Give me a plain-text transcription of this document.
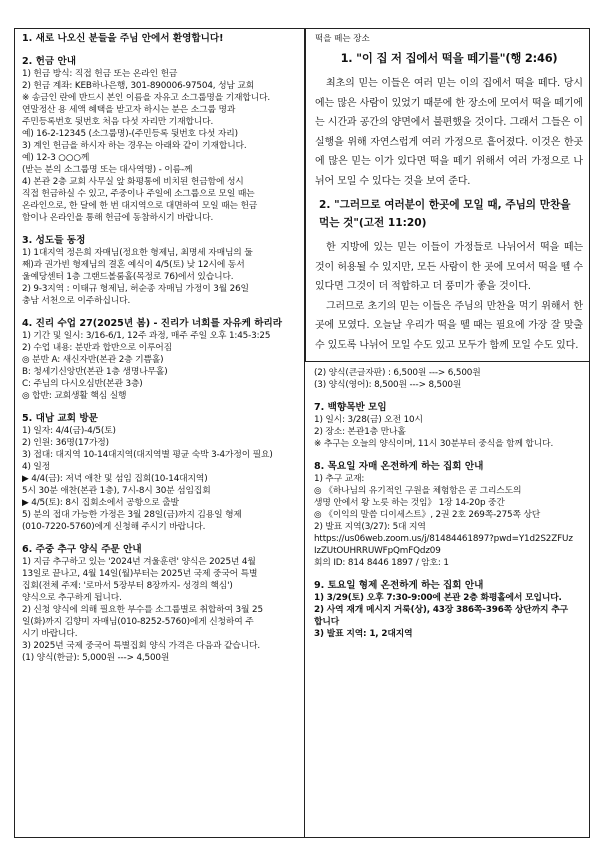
1. 새로 나오신 분들을 주님 안에서 환영합니다!
2. 헌금 안내
1) 헌금 방식: 직접 헌금 또는 온라인 헌금
2) 헌금 계좌: KEB하나은행, 301-890006-97504, 성남 교회
※ 송금인 란에 반드시 본인 이름을 자유고 소그룹명을 기재합니다.
연말정산 용 세액 혜택을 받고자 하시는 분은 소그룹 명과
주민등록번호 뒷번호 처음 다섯 자리만 기재합니다.
예) 16-2-12345 (소그룹명)-(주민등록 뒷번호 다섯 자리)
3) 계인 헌금을 하시자 하는 경우는 아래와 같이 기재합니다.
예) 12-3 ○○○께
(받는 분의 소그룹명 또는 대사역명) - 이름-께
4) 본관 2층 교회 사무실 앞 화평통에 비치된 헌금함에 성시
직접 헌금하실 수 있고, 주중이나 주일에 소그룹으로 모일 때는
온라인으로, 한 달에 한 번 대지역으로 대면하여 모일 때는 헌금
함이나 온라인을 통해 헌금에 동참하시기 바랍니다.
3. 성도들 동정
1) 1대지역 정은희 자매님(정요한 형제님, 최명세 자매님의 둘
째)과 권가빈 형제님의 결혼 예식이 4/5(토) 낮 12시에 동서
울예당센터 1층 그랜드볼룸홀(목정로 76)에서 있습니다.
2) 9-3지역 : 이태규 형제님, 허순종 자매님 가정이 3월 26일
충남 서천으로 이주하십니다.
4. 진리 수업 27(2025년 봄) - 진리가 너희를 자유케 하리라
1) 기간 및 일시: 3/16-6/1, 12주 과정, 매주 주일 오후 1:45-3:25
2) 수업 내용: 분반과 합반으로 이루어짐
◎ 분반 A: 새신자반(본관 2층 기쁨홀)
B: 청세기신앙반(본관 1층 생명나무홀)
C: 주님의 다시오심반(본관 3층)
◎ 합반: 교회생활 핵심 실행
5. 대남 교회 방문
1) 일자: 4/4(금)-4/5(토)
2) 인원: 36명(17가정)
3) 접대: 대지역 10-14대지역(대지역별 평균 숙박 3-4가정이 필요)
4) 일정
▶ 4/4(금): 저녁 애찬 및 섬임 집회(10-14대지역)
5시 30분 애찬(본관 1층), 7시-8시 30분 섬임집회
▶ 4/5(토): 8시 집회소에서 공항으로 출발
5) 분의 접대 가능한 가정은 3월 28일(금)까지 김용일 형제
(010-7220-5760)에게 신청해 주시기 바랍니다.
6. 주중 추구 양식 주문 안내
1) 지금 추구하고 있는 '2024년 겨울훈련' 양식은 2025년 4월
13일로 끝나고, 4월 14일(월)부터는 2025년 국제 중국어 특별
집회(전체 주제: '로마서 5장부터 8장까지- 성경의 핵심')
양식으로 추구하게 됩니다.
2) 신청 양식에 의해 필요한 부수를 소그룹별로 취합하여 3월 25
일(화)까지 김향미 자매님(010-8252-5760)에게 신청하여 주
시기 바랍니다.
3) 2025년 국제 중국어 특별집회 양식 가격은 다음과 같습니다.
(1) 양식(한글): 5,000원 ---> 4,500원
떡을 떼는 장소
1. "이 집 저 집에서 떡을 떼기를"(행 2:46)
최초의 믿는 이들은 여러 믿는 이의 집에서 떡을 떼다. 당시에는 많은 사람이 있었기 때문에 한 장소에 모여서 떡을 떼기에는 시간과 공간의 양면에서 불편했을 것이다. 그래서 그들은 이 실행을 위해 자연스럽게 여러 가정으로 흩어졌다. 이것은 한곳에 많은 믿는 이가 있다면 떡을 떼기 위해서 여러 가정으로 나뉘어 모일 수 있다는 것을 보여 준다.
2. "그러므로 여러분이 한곳에 모일 때, 주님의 만찬을 먹는 것"(고전 11:20)
한 지방에 있는 믿는 이들이 가정들로 나뉘어서 떡을 떼는 것이 허용될 수 있지만, 모든 사람이 한 곳에 모여서 떡을 뗄 수 있다면 그것이 더 적합하고 더 풍미가 좋을 것이다.
그러므로 초기의 믿는 이들은 주님의 만찬을 먹기 위해서 한곳에 모였다. 오늘날 우리가 떡을 뗄 때는 필요에 가장 잘 맞출 수 있도록 나뉘어 모일 수도 있고 모두가 함께 모일 수도 있다.
(2) 양식(큰글자판) : 6,500원 ---> 6,500원
(3) 양식(영어): 8,500원 ---> 8,500원
7. 백향목반 모임
1) 일시: 3/28(금) 오전 10시
2) 장소: 본관1층 만나홀
※ 추구는 오늘의 양식이며, 11시 30분부터 중식을 함께 합니다.
8. 목요일 자매 온전하게 하는 집회 안내
1) 추구 교재:
◎ 《하나님의 유기적인 구원을 체험함은 곧 그리스도의
생명 안에서 왕 노릇 하는 것임》 1장 14-20p 중간
◎ 《이익의 말씀 디이세스트》, 2권 2호 269쪽-275쪽 상단
2) 발표 지역(3/27): 5대 지역
https://us06web.zoom.us/j/81484461897?pwd=Y1d2S2ZFUz
IzZUtOUHRRUWFpQmFQdz09
회의 ID: 814 8446 1897 / 암호: 1
9. 토요일 형제 온전하게 하는 집회 안내
1) 3/29(토) 오후 7:30-9:00에 본관 2층 화평홀에서 모입니다.
2) 사역 재개 메시지 거룩(상), 43장 386쪽-396쪽 상단까지 추구
합니다
3) 발표 지역: 1, 2대지역
